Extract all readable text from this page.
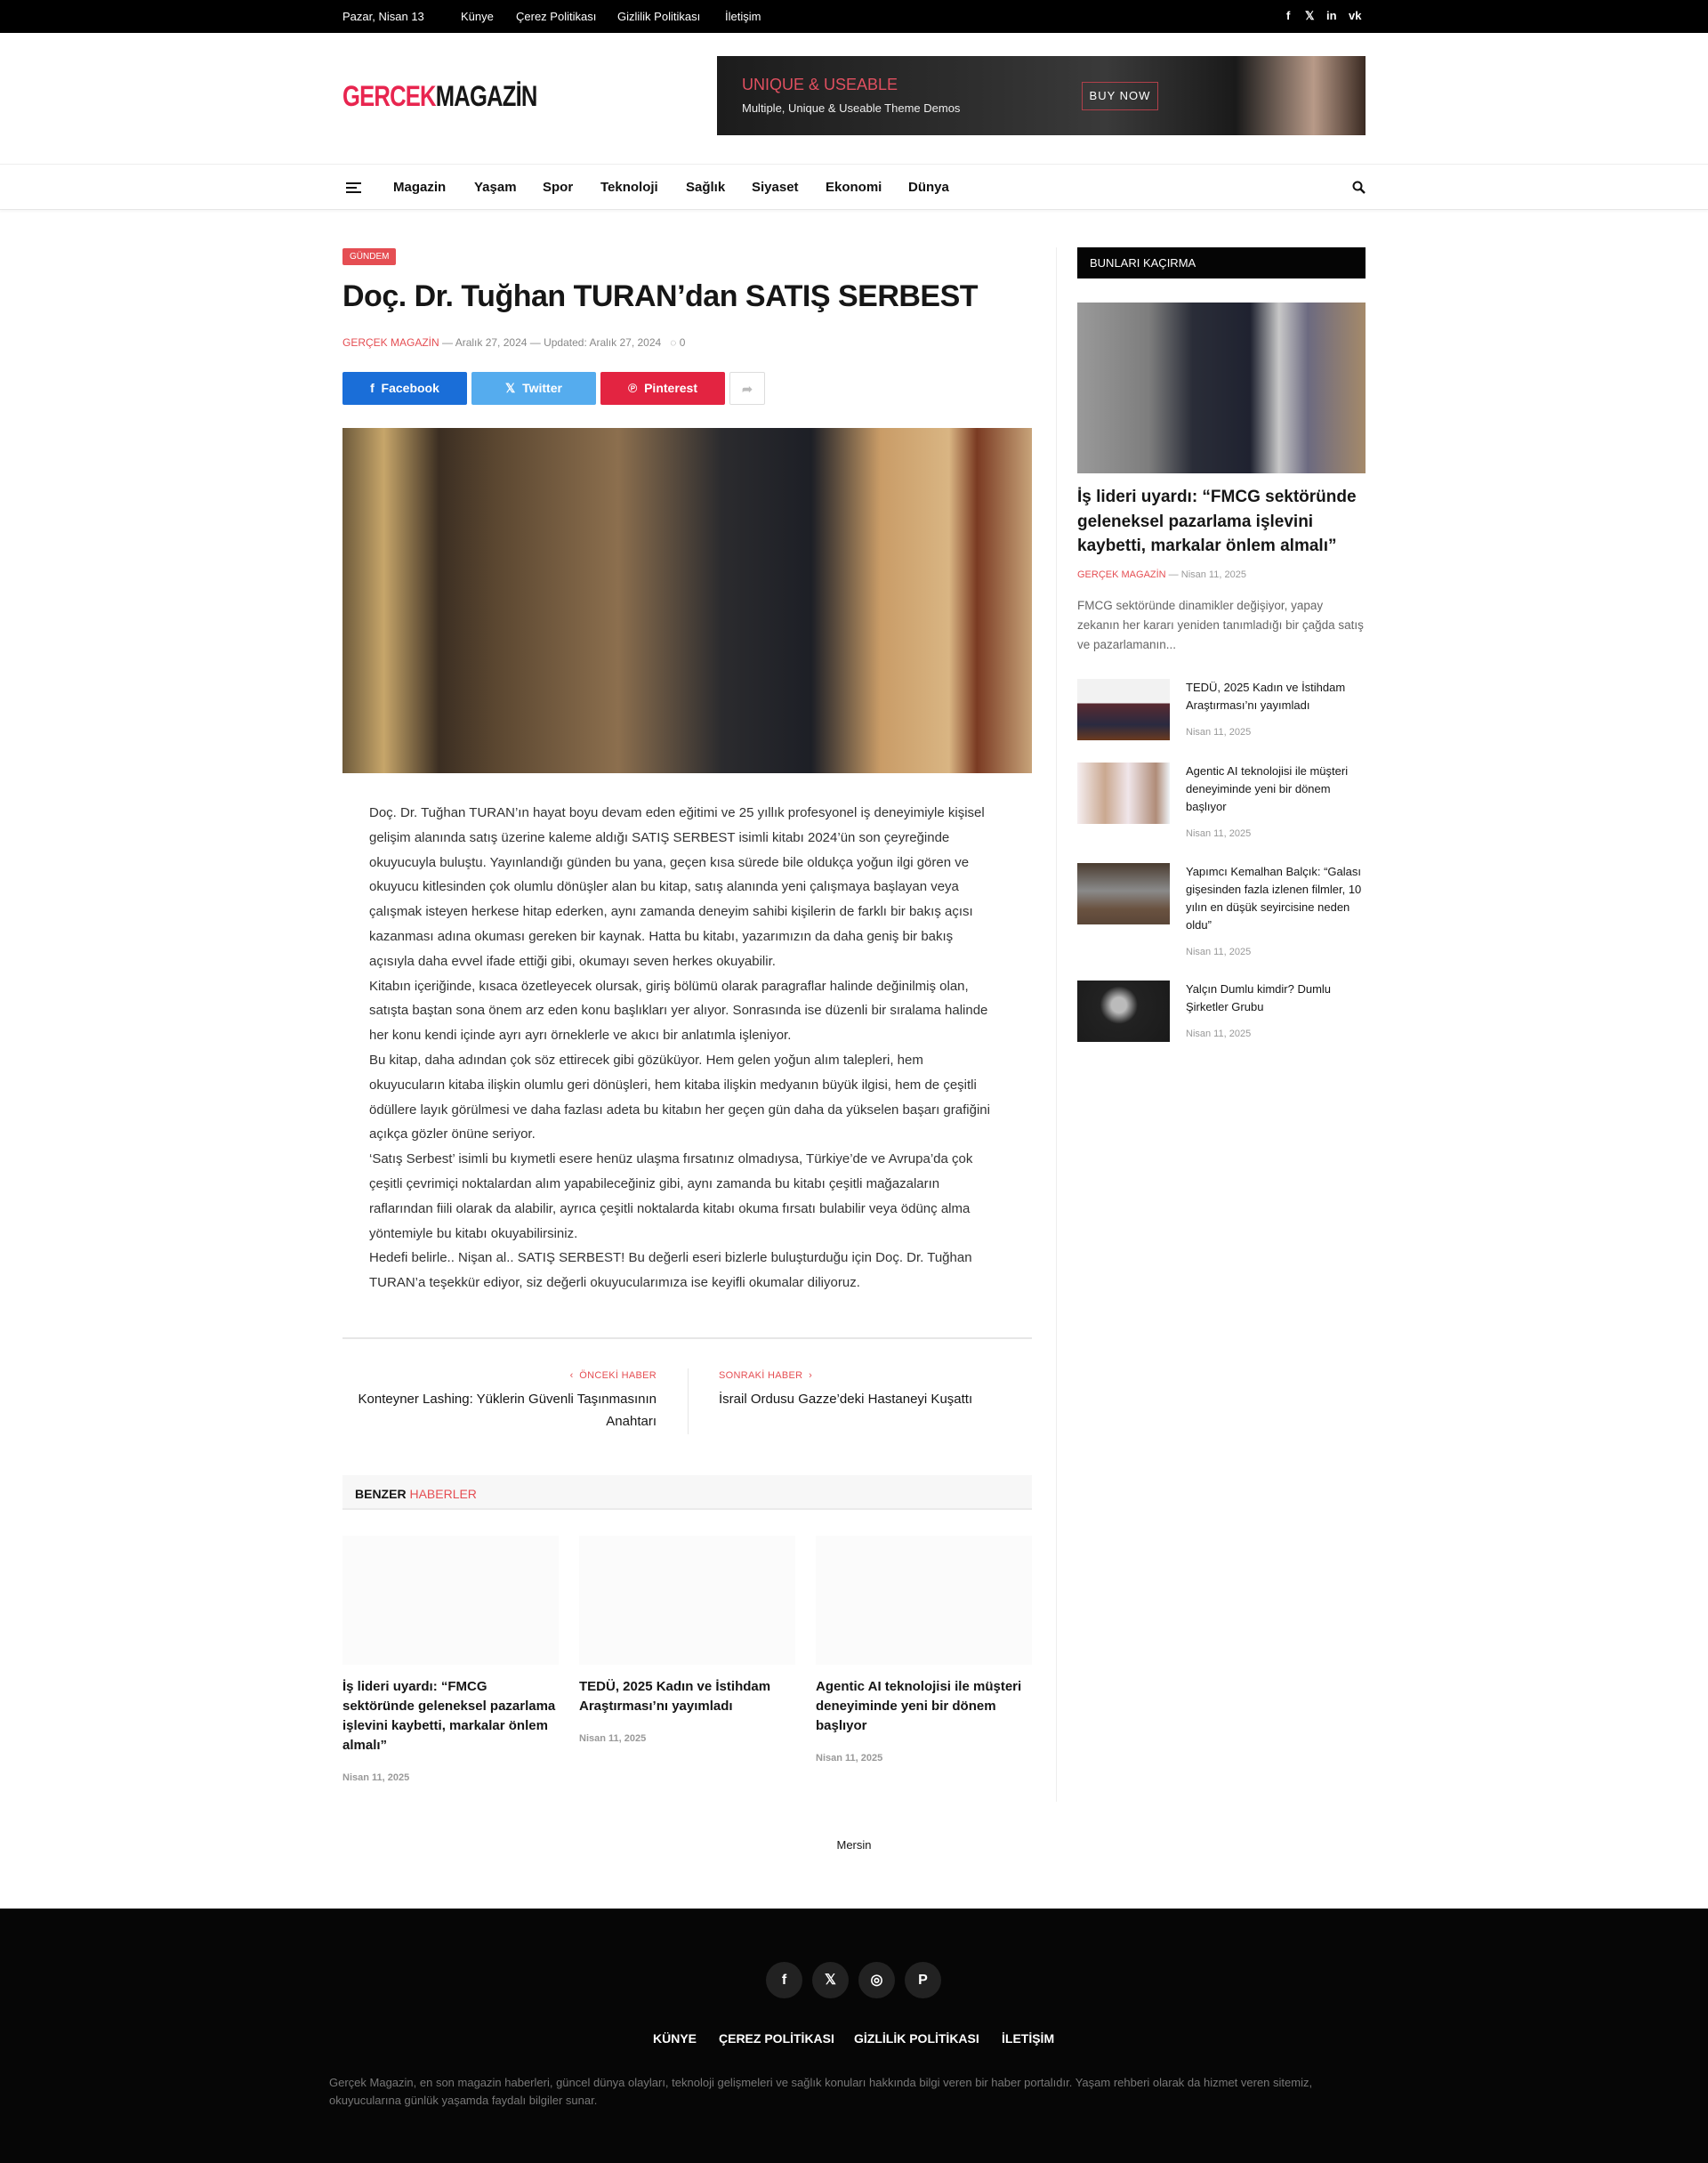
Pazar, Nisan 13	Künye Çerez Politikası Gizlilik Politikası İletişim	f 𝕏 in vk
GERCEKMAGAZİN	UNIQUE & USEABLE
Multiple, Unique & Useable Theme Demos
BUY NOW
Magazin Yaşam Spor Teknoloji Sağlık Siyaset Ekonomi Dünya
GÜNDEM
Doç. Dr. Tuğhan TURAN’dan SATIŞ SERBEST
GERÇEK MAGAZİN — Aralık 27, 2024 — Updated: Aralık 27, 2024 ◌ 0
f Facebook	𝕏 Twitter	℗ Pinterest	➦

Doç. Dr. Tuğhan TURAN’ın hayat boyu devam eden eğitimi ve 25 yıllık profesyonel iş deneyimiyle kişisel gelişim alanında satış üzerine kaleme aldığı SATIŞ SERBEST isimli kitabı 2024’ün son çeyreğinde okuyucuyla buluştu. Yayınlandığı günden bu yana, geçen kısa sürede bile oldukça yoğun ilgi gören ve okuyucu kitlesinden çok olumlu dönüşler alan bu kitap, satış alanında yeni çalışmaya başlayan veya çalışmak isteyen herkese hitap ederken, aynı zamanda deneyim sahibi kişilerin de farklı bir bakış açısı kazanması adına okuması gereken bir kaynak. Hatta bu kitabı, yazarımızın da daha geniş bir bakış açısıyla daha evvel ifade ettiği gibi, okumayı seven herkes okuyabilir.

Kitabın içeriğinde, kısaca özetleyecek olursak, giriş bölümü olarak paragraflar halinde değinilmiş olan, satışta baştan sona önem arz eden konu başlıkları yer alıyor. Sonrasında ise düzenli bir sıralama halinde her konu kendi içinde ayrı ayrı örneklerle ve akıcı bir anlatımla işleniyor.

Bu kitap, daha adından çok söz ettirecek gibi gözüküyor. Hem gelen yoğun alım talepleri, hem okuyucuların kitaba ilişkin olumlu geri dönüşleri, hem kitaba ilişkin medyanın büyük ilgisi, hem de çeşitli ödüllere layık görülmesi ve daha fazlası adeta bu kitabın her geçen gün daha da yükselen başarı grafiğini açıkça gözler önüne seriyor.

‘Satış Serbest’ isimli bu kıymetli esere henüz ulaşma fırsatınız olmadıysa, Türkiye’de ve Avrupa’da çok çeşitli çevrimiçi noktalardan alım yapabileceğiniz gibi, aynı zamanda bu kitabı çeşitli mağazaların raflarından fiili olarak da alabilir, ayrıca çeşitli noktalarda kitabı okuma fırsatı bulabilir veya ödünç alma yöntemiyle bu kitabı okuyabilirsiniz.

Hedefi belirle.. Nişan al.. SATIŞ SERBEST! Bu değerli eseri bizlerle buluşturduğu için Doç. Dr. Tuğhan TURAN’a teşekkür ediyor, siz değerli okuyucularımıza ise keyifli okumalar diliyoruz.

‹ ÖNCEKİ HABER
Konteyner Lashing: Yüklerin Güvenli Taşınmasının Anahtarı
SONRAKİ HABER ›
İsrail Ordusu Gazze’deki Hastaneyi Kuşattı
BENZER HABERLER
İş lideri uyardı: “FMCG sektöründe geleneksel pazarlama işlevini kaybetti, markalar önlem almalı”
Nisan 11, 2025
TEDÜ, 2025 Kadın ve İstihdam Araştırması’nı yayımladı
Nisan 11, 2025
Agentic AI teknolojisi ile müşteri deneyiminde yeni bir dönem başlıyor
Nisan 11, 2025
BUNLARI KAÇIRMA
İş lideri uyardı: “FMCG sektöründe geleneksel pazarlama işlevini kaybetti, markalar önlem almalı”
GERÇEK MAGAZİN — Nisan 11, 2025
FMCG sektöründe dinamikler değişiyor, yapay zekanın her kararı yeniden tanımladığı bir çağda satış ve pazarlamanın...
TEDÜ, 2025 Kadın ve İstihdam Araştırması’nı yayımladı
Nisan 11, 2025
Agentic AI teknolojisi ile müşteri deneyiminde yeni bir dönem başlıyor
Nisan 11, 2025
Yapımcı Kemalhan Balçık: “Galası gişesinden fazla izlenen filmler, 10 yılın en düşük seyircisine neden oldu”
Nisan 11, 2025
Yalçın Dumlu kimdir? Dumlu Şirketler Grubu
Nisan 11, 2025
Mersin
f	𝕏	◎	P
KÜNYE ÇEREZ POLİTİKASI GİZLİLİK POLİTİKASI İLETİŞİM
Gerçek Magazin, en son magazin haberleri, güncel dünya olayları, teknoloji gelişmeleri ve sağlık konuları hakkında bilgi veren bir haber portalıdır. Yaşam rehberi olarak da hizmet veren sitemiz, okuyucularına günlük yaşamda faydalı bilgiler sunar.
